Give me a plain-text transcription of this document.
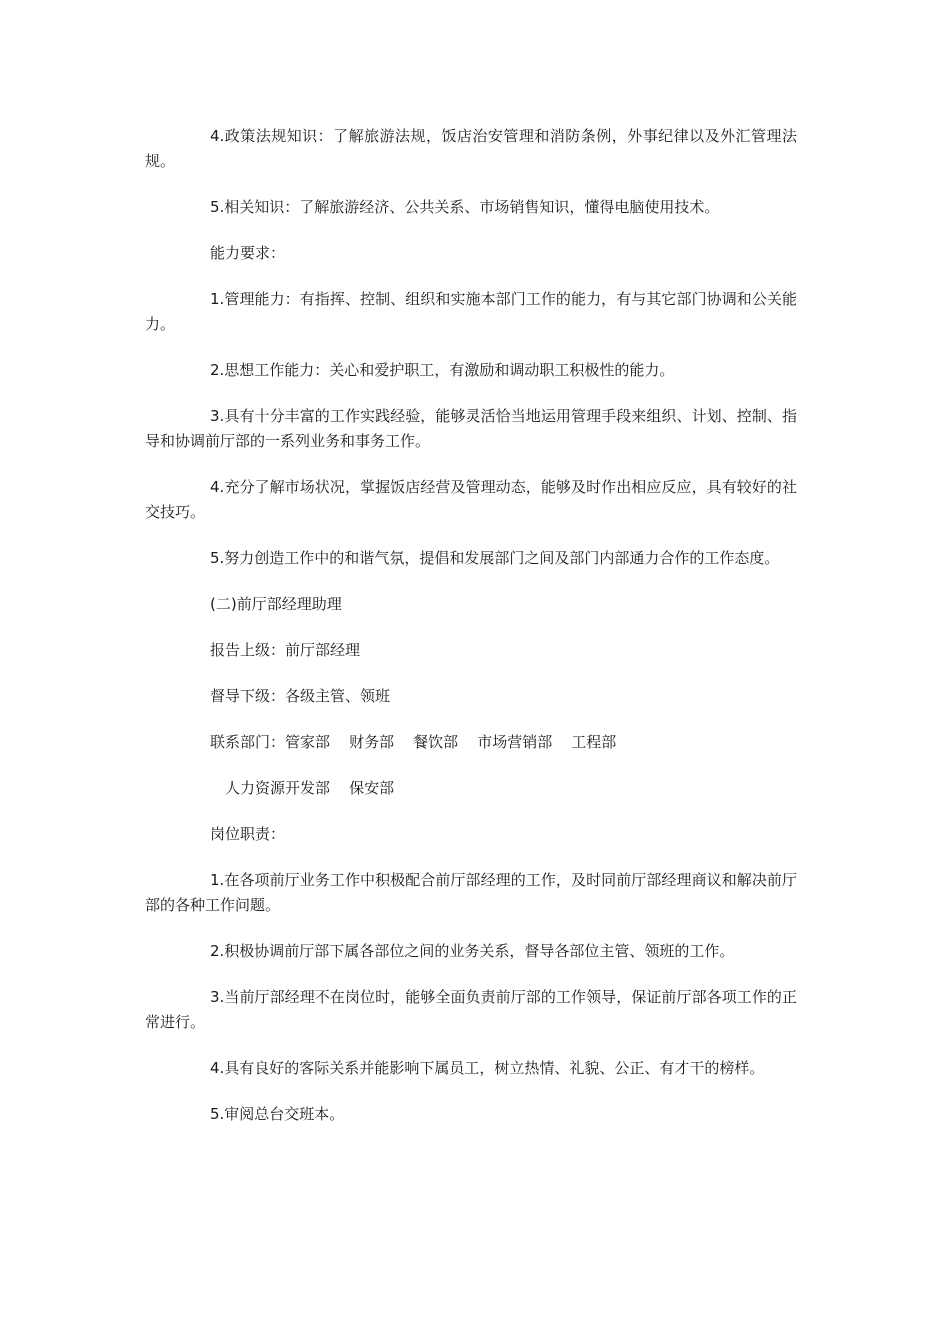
4.政策法规知识：了解旅游法规，饭店治安管理和消防条例，外事纪律以及外汇管理法规。

5.相关知识：了解旅游经济、公共关系、市场销售知识，懂得电脑使用技术。

能力要求：

1.管理能力：有指挥、控制、组织和实施本部门工作的能力，有与其它部门协调和公关能力。

2.思想工作能力：关心和爱护职工，有激励和调动职工积极性的能力。

3.具有十分丰富的工作实践经验，能够灵活恰当地运用管理手段来组织、计划、控制、指导和协调前厅部的一系列业务和事务工作。

4.充分了解市场状况，掌握饭店经营及管理动态，能够及时作出相应反应，具有较好的社交技巧。

5.努力创造工作中的和谐气氛，提倡和发展部门之间及部门内部通力合作的工作态度。

(二)前厅部经理助理

报告上级：前厅部经理

督导下级：各级主管、领班

联系部门：管家部    财务部    餐饮部    市场营销部    工程部

人力资源开发部    保安部

岗位职责：

1.在各项前厅业务工作中积极配合前厅部经理的工作，及时同前厅部经理商议和解决前厅部的各种工作问题。

2.积极协调前厅部下属各部位之间的业务关系，督导各部位主管、领班的工作。

3.当前厅部经理不在岗位时，能够全面负责前厅部的工作领导，保证前厅部各项工作的正常进行。

4.具有良好的客际关系并能影响下属员工，树立热情、礼貌、公正、有才干的榜样。

5.审阅总台交班本。
